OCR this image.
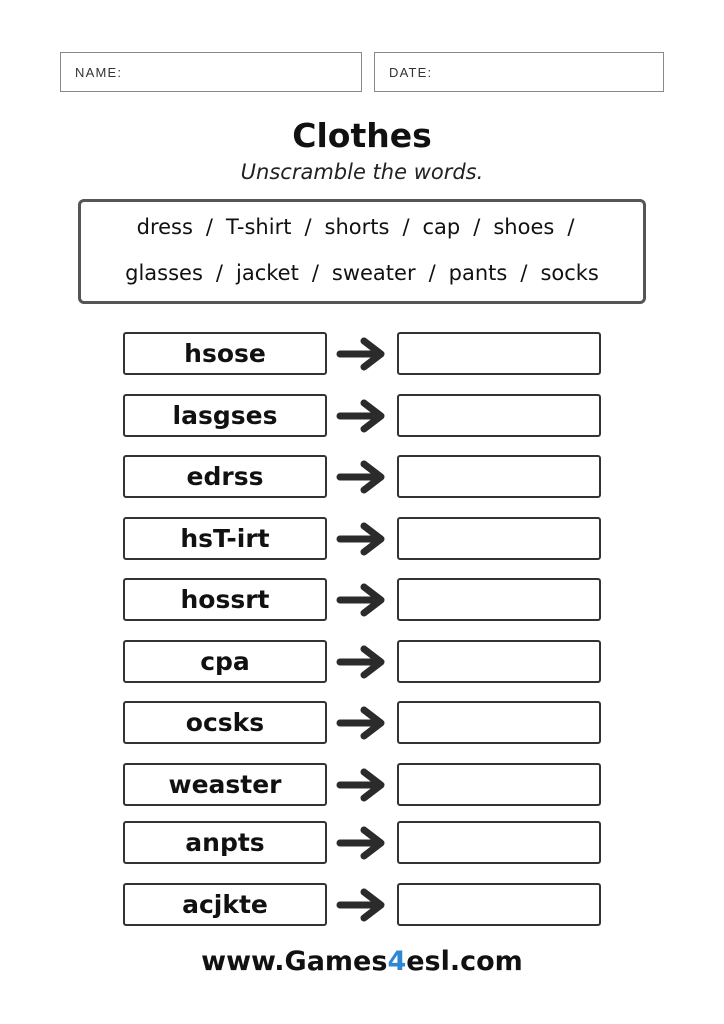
NAME:	DATE:
Clothes
Unscramble the words.
dress / T-shirt / shorts / cap / shoes /
glasses / jacket / sweater / pants / socks
hsose
lasgses
edrss
hsT-irt
hossrt
cpa
ocsks
weaster
anpts
acjkte
www.Games4esl.com
